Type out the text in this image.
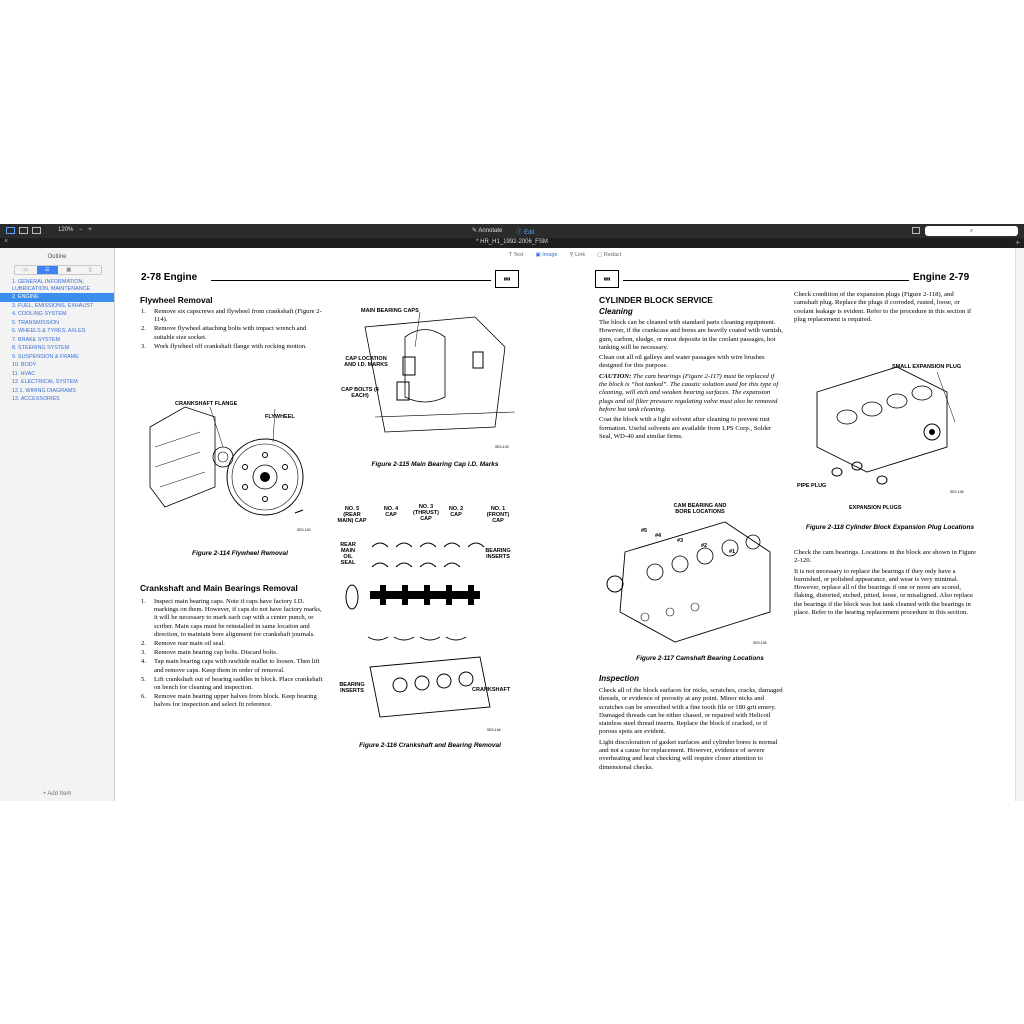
120% − +	✎ Annotate Ⓣ Edit	⌕
×	* HR_H1_1992-2006_FSM	+
Outline
▭	☰	▦	▯
1. GENERAL INFORMATION, LUBRICATION, MAINTENANCE
2. ENGINE
3. FUEL, EMISSIONS, EXHAUST
4. COOLING SYSTEM
5. TRANSMISSION
6. WHEELS & TYRES, AXLES
7. BRAKE SYSTEM
8. STEERING SYSTEM
9. SUSPENSION & FRAME
10. BODY
11. HVAC
12. ELECTRICAL SYSTEM
12.1. WIRING DIAGRAMS
13. ACCESSORIES
+ Add Item
T Text ▣ Image ⚲ Link ▢ Redact
2-78 Engine	▮▮▮
Flywheel Removal
1. Remove six capscrews and flywheel from crankshaft (Figure 2-114).
2. Remove flywheel attaching bolts with impact wrench and suitable size socket.
3. Work flywheel off crankshaft flange with rocking motion.
CRANKSHAFT FLANGE
FLYWHEEL
SE0-100
Figure 2-114 Flywheel Removal
Crankshaft and Main Bearings Removal
1. Inspect main bearing caps. Note if caps have factory I.D. markings on them. However, if caps do not have factory marks, it will be necessary to mark each cap with a center punch, or scriber. Main caps must be reinstalled in same location and direction, to maintain bore alignment for crankshaft journals.
2. Remove rear main oil seal.
3. Remove main bearing cap bolts. Discard bolts.
4. Tap main bearing caps with rawhide mallet to loosen. Then lift and remove caps. Keep them in order of removal.
5. Lift crankshaft out of bearing saddles in block. Place crankshaft on bench for cleaning and inspection.
6. Remove main bearing upper halves from block. Keep bearing halves for inspection and select fit reference.
MAIN BEARING CAPS
CAP LOCATION AND I.D. MARKS
CAP BOLTS (4 EACH)
SE0-103
Figure 2-115 Main Bearing Cap I.D. Marks
NO. 5 (REAR MAIN) CAP
NO. 4 CAP
NO. 3 (THRUST) CAP
NO. 2 CAP
NO. 1 (FRONT) CAP
REAR MAIN OIL SEAL
BEARING INSERTS
BEARING INSERTS	CRANKSHAFT
SE0-164
Figure 2-116 Crankshaft and Bearing Removal
▮▮▮	Engine 2-79
CYLINDER BLOCK SERVICE
Cleaning

The block can be cleaned with standard parts cleaning equipment. However, if the crankcase and bores are heavily coated with varnish, gum, carbon, sludge, or most deposits in the coolant passages, hot tanking will be necessary.

Clean out all oil galleys and water passages with wire brushes designed for this purpose.

CAUTION: The cam bearings (Figure 2-117) must be replaced if the block is “hot tanked”. The caustic solution used for this type of cleaning, will etch and weaken bearing surfaces. The expansion plugs and oil filter pressure regulating valve must also be removed before hot tank cleaning.

Coat the block with a light solvent after cleaning to prevent rust formation. Useful solvents are available from LPS Corp., Solder Seal, WD-40 and similar firms.

CAM BEARING AND BORE LOCATIONS
#5
#4
#3
#2
#1
SE0-106
Figure 2-117 Camshaft Bearing Locations
Inspection

Check all of the block surfaces for nicks, scratches, cracks, damaged threads, or evidence of porosity at any point. Minor nicks and scratches can be smoothed with a fine tooth file or 180 grit emery. Damaged threads can be either chased, or repaired with Helicoil stainless steel thread inserts. Replace the block if cracked, or if porous spots are evident.

Light discoloration of gasket surfaces and cylinder bores is normal and not a cause for replacement. However, evidence of severe overheating and heat checking will require closer attention to dimensional checks.

Check condition of the expansion plugs (Figure 2-118), and camshaft plug. Replace the plugs if corroded, rusted, loose, or coolant leakage is evident. Refer to the procedure in this section if plug replacement is required.

SMALL EXPANSION PLUG
PIPE PLUG
EXPANSION PLUGS
SE0-106
Figure 2-118 Cylinder Block Expansion Plug Locations

Check the cam bearings. Locations in the block are shown in Figure 2-120.

It is not necessary to replace the bearings if they only have a burnished, or polished appearance, and wear is very minimal. However, replace all of the bearings if one or more are scored, flaking, distorted, etched, pitted, loose, or misaligned. Also replace the bearings if the block was hot tank cleaned with the bearings in place. Refer to the bearing replacement procedure in this section.
